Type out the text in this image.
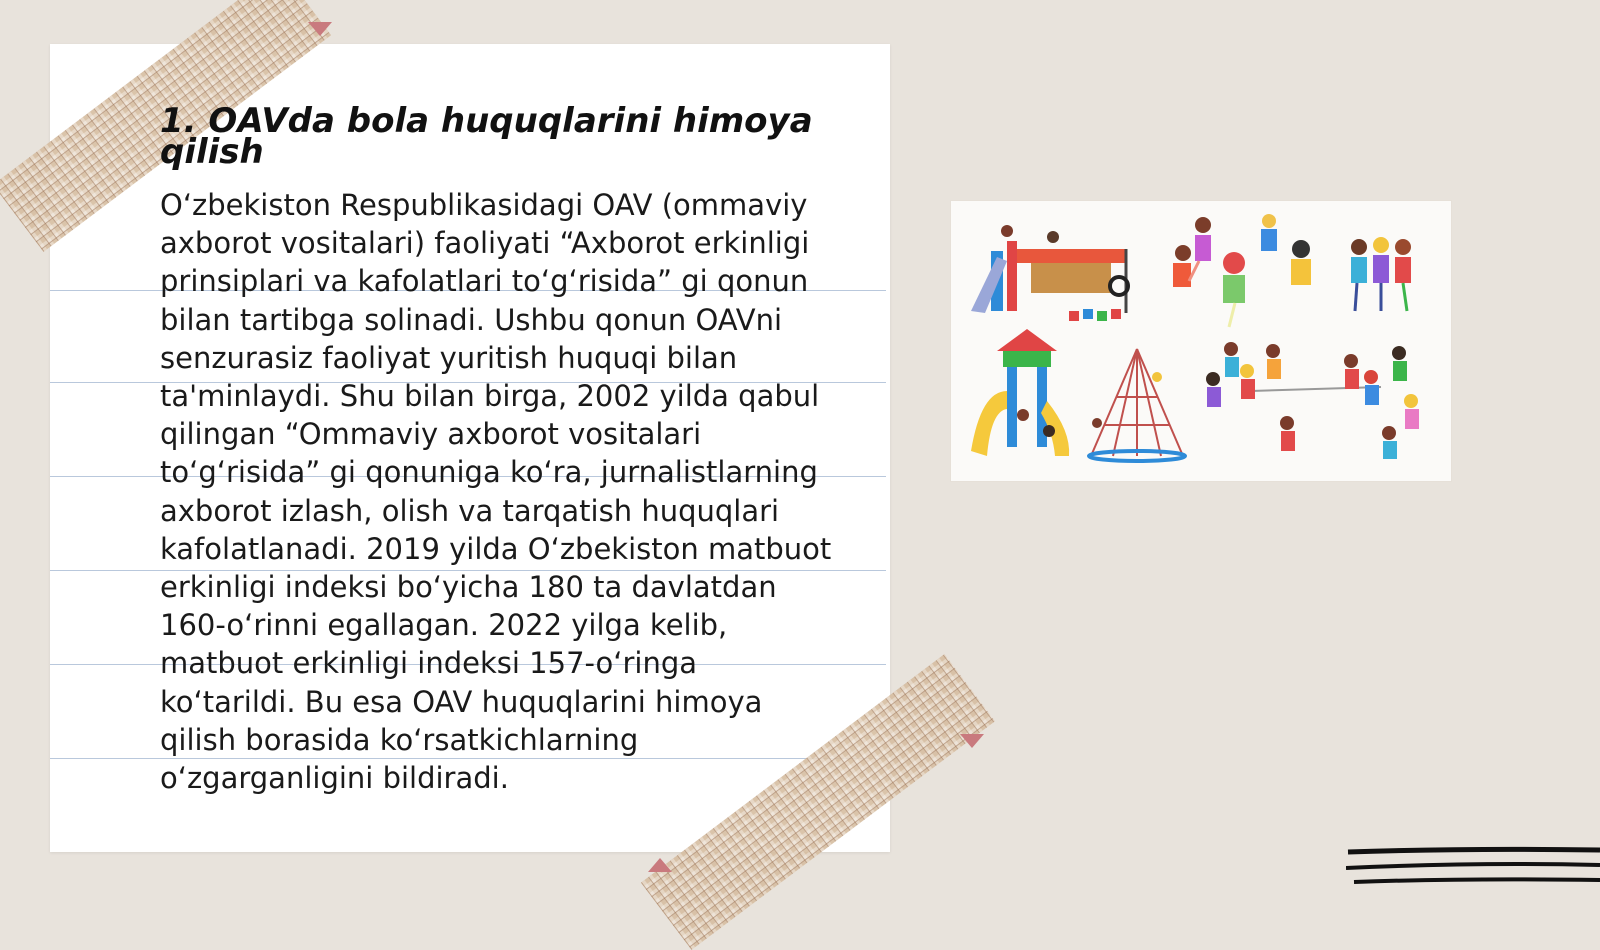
1. OAVda bola huquqlarini himoya qilish

O‘zbekiston Respublikasidagi OAV (ommaviy axborot vositalari) faoliyati “Axborot erkinligi prinsiplari va kafolatlari to‘g‘risida” gi qonun bilan tartibga solinadi. Ushbu qonun OAVni senzurasiz faoliyat yuritish huquqi bilan ta'minlaydi. Shu bilan birga, 2002 yilda qabul qilingan “Ommaviy axborot vositalari to‘g‘risida” gi qonuniga ko‘ra, jurnalistlarning axborot izlash, olish va tarqatish huquqlari kafolatlanadi. 2019 yilda O‘zbekiston matbuot erkinligi indeksi bo‘yicha 180 ta davlatdan 160-o‘rinni egallagan. 2022 yilga kelib, matbuot erkinligi indeksi 157-o‘ringa ko‘tarildi. Bu esa OAV huquqlarini himoya qilish borasida ko‘rsatkichlarning o‘zgarganligini bildiradi.
